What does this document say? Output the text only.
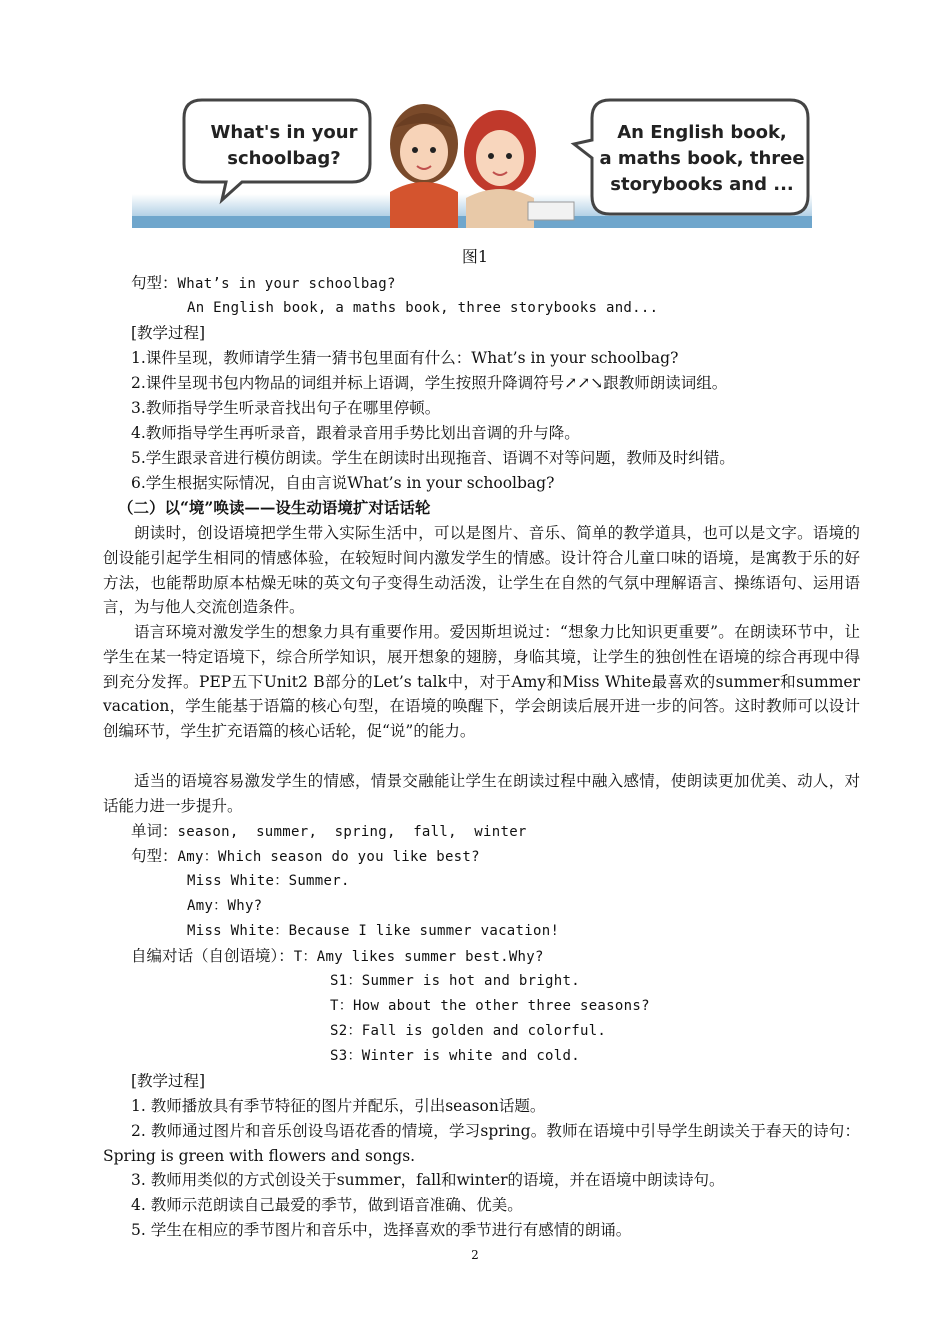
What's in your
schoolbag?
An English book,
a maths book, three
storybooks and ...
图1
句型：What’s in your schoolbag?
An English book, a maths book, three storybooks and...
[教学过程]
1.课件呈现，教师请学生猜一猜书包里面有什么：What’s in your schoolbag?
2.课件呈现书包内物品的词组并标上语调，学生按照升降调符号↗↗↘跟教师朗读词组。
3.教师指导学生听录音找出句子在哪里停顿。
4.教师指导学生再听录音，跟着录音用手势比划出音调的升与降。
5.学生跟录音进行模仿朗读。学生在朗读时出现拖音、语调不对等问题，教师及时纠错。
6.学生根据实际情况，自由言说What’s in your schoolbag?
（二）以“境”唤读——设生动语境扩对话话轮
朗读时，创设语境把学生带入实际生活中，可以是图片、音乐、简单的教学道具，也可以是文字。语境的创设能引起学生相同的情感体验，在较短时间内激发学生的情感。设计符合儿童口味的语境，是寓教于乐的好方法，也能帮助原本枯燥无味的英文句子变得生动活泼，让学生在自然的气氛中理解语言、操练语句、运用语言，为与他人交流创造条件。
语言环境对激发学生的想象力具有重要作用。爱因斯坦说过：“想象力比知识更重要”。在朗读环节中，让学生在某一特定语境下，综合所学知识，展开想象的翅膀，身临其境，让学生的独创性在语境的综合再现中得到充分发挥。PEP五下Unit2 B部分的Let’s talk中，对于Amy和Miss White最喜欢的summer和summer vacation，学生能基于语篇的核心句型，在语境的唤醒下，学会朗读后展开进一步的问答。这时教师可以设计创编环节，学生扩充语篇的核心话轮，促“说”的能力。
适当的语境容易激发学生的情感，情景交融能让学生在朗读过程中融入感情，使朗读更加优美、动人，对话能力进一步提升。
单词：season,  summer,  spring,  fall,  winter
句型：Amy：Which season do you like best?
Miss White：Summer.
Amy：Why?
Miss White：Because I like summer vacation!
自编对话（自创语境）：T：Amy likes summer best.Why?
S1：Summer is hot and bright.
T：How about the other three seasons?
S2：Fall is golden and colorful.
S3：Winter is white and cold.
[教学过程]
1. 教师播放具有季节特征的图片并配乐，引出season话题。
2. 教师通过图片和音乐创设鸟语花香的情境，学习spring。教师在语境中引导学生朗读关于春天的诗句：Spring is green with flowers and songs.
3. 教师用类似的方式创设关于summer，fall和winter的语境，并在语境中朗读诗句。
4. 教师示范朗读自己最爱的季节，做到语音准确、优美。
5. 学生在相应的季节图片和音乐中，选择喜欢的季节进行有感情的朗诵。
2
